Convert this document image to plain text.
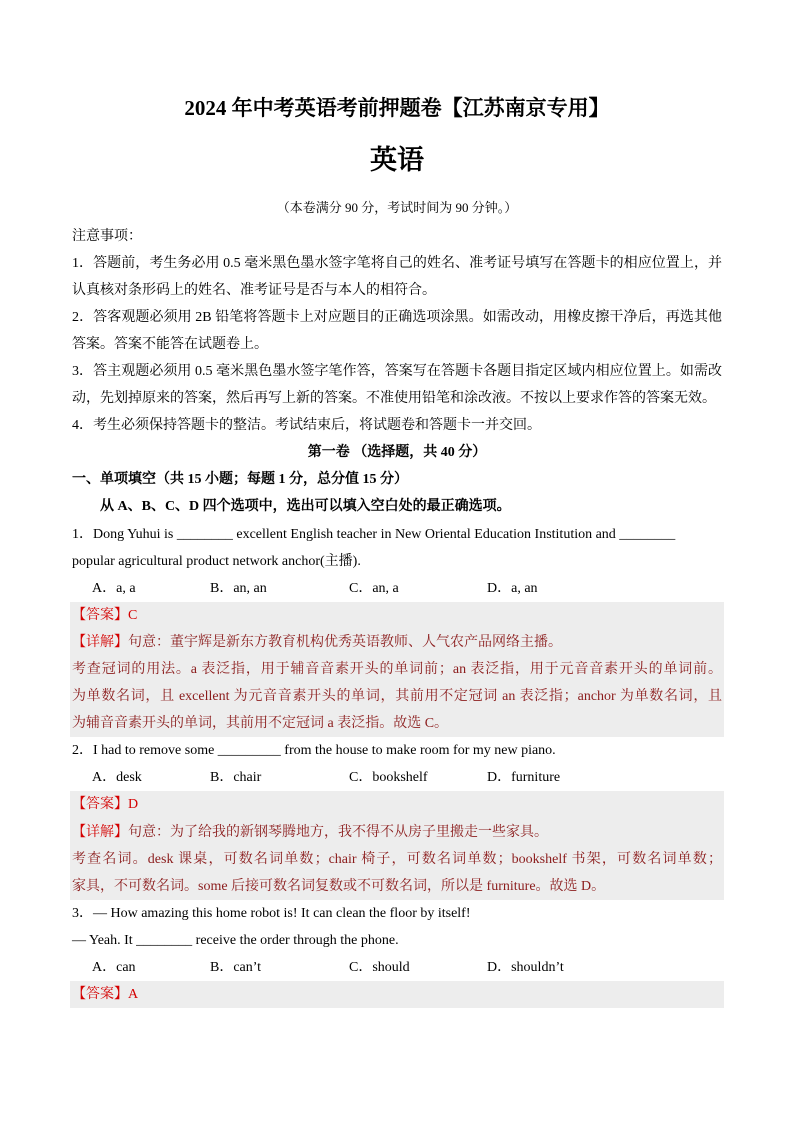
2024 年中考英语考前押题卷【江苏南京专用】
英语
（本卷满分 90 分，考试时间为 90 分钟。）
注意事项：
1．答题前，考生务必用 0.5 毫米黑色墨水签字笔将自己的姓名、准考证号填写在答题卡的相应位置上，并
认真核对条形码上的姓名、准考证号是否与本人的相符合。
2．答客观题必须用 2B 铅笔将答题卡上对应题目的正确选项涂黑。如需改动，用橡皮擦干净后，再选其他
答案。答案不能答在试题卷上。
3．答主观题必须用 0.5 毫米黑色墨水签字笔作答，答案写在答题卡各题目指定区域内相应位置上。如需改
动，先划掉原来的答案，然后再写上新的答案。不准使用铅笔和涂改液。不按以上要求作答的答案无效。
4．考生必须保持答题卡的整洁。考试结束后，将试题卷和答题卡一并交回。
第一卷 （选择题，共 40 分）
一、单项填空（共 15 小题；每题 1 分，总分值 15 分）
从 A、B、C、D 四个选项中，选出可以填入空白处的最正确选项。
1．Dong Yuhui is ________ excellent English teacher in New Oriental Education Institution and ________
popular agricultural product network anchor(主播).
A．a, a	B．an, an	C．an, a	D．a, an
【答案】C
【详解】句意：董宇辉是新东方教育机构优秀英语教师、人气农产品网络主播。
考查冠词的用法。a 表泛指，用于辅音音素开头的单词前；an 表泛指，用于元音音素开头的单词前。
为单数名词，且 excellent 为元音音素开头的单词，其前用不定冠词 an 表泛指；anchor 为单数名词，且
为辅音音素开头的单词，其前用不定冠词 a 表泛指。故选 C。
2．I had to remove some _________ from the house to make room for my new piano.
A．desk	B．chair	C．bookshelf	D．furniture
【答案】D
【详解】句意：为了给我的新钢琴腾地方，我不得不从房子里搬走一些家具。
考查名词。desk 课桌，可数名词单数；chair 椅子，可数名词单数；bookshelf 书架，可数名词单数；
家具，不可数名词。some 后接可数名词复数或不可数名词，所以是 furniture。故选 D。
3．— How amazing this home robot is! It can clean the floor by itself!
— Yeah. It ________ receive the order through the phone.
A．can	B．can’t	C．should	D．shouldn’t
【答案】A
